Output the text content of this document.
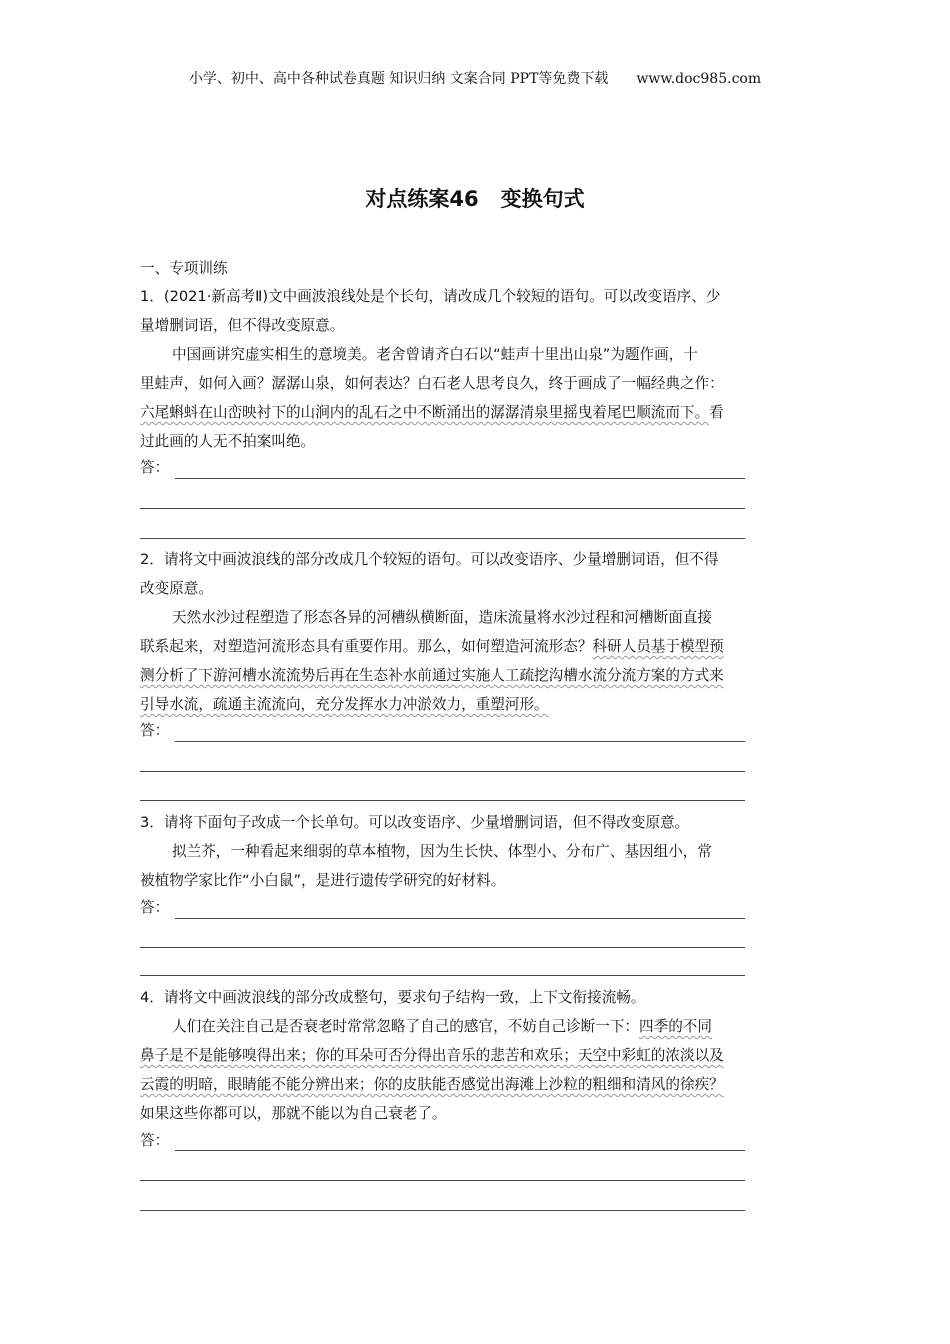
小学、初中、高中各种试卷真题 知识归纳 文案合同 PPT等免费下载 www.doc985.com
对点练案46 变换句式
一、专项训练
1．(2021·新高考Ⅱ)文中画波浪线处是个长句，请改成几个较短的语句。可以改变语序、少
量增删词语，但不得改变原意。
中国画讲究虚实相生的意境美。老舍曾请齐白石以“蛙声十里出山泉”为题作画，十
里蛙声，如何入画？潺潺山泉，如何表达？白石老人思考良久，终于画成了一幅经典之作：
六尾蝌蚪在山峦映衬下的山涧内的乱石之中不断涌出的潺潺清泉里摇曳着尾巴顺流而下。看
过此画的人无不拍案叫绝。
答：
2．请将文中画波浪线的部分改成几个较短的语句。可以改变语序、少量增删词语，但不得
改变原意。
天然水沙过程塑造了形态各异的河槽纵横断面，造床流量将水沙过程和河槽断面直接
联系起来，对塑造河流形态具有重要作用。那么，如何塑造河流形态？科研人员基于模型预
测分析了下游河槽水流流势后再在生态补水前通过实施人工疏挖沟槽水流分流方案的方式来
引导水流，疏通主流流向，充分发挥水力冲淤效力，重塑河形。
答：
3．请将下面句子改成一个长单句。可以改变语序、少量增删词语，但不得改变原意。
拟兰芥，一种看起来细弱的草本植物，因为生长快、体型小、分布广、基因组小，常
被植物学家比作“小白鼠”，是进行遗传学研究的好材料。
答：
4．请将文中画波浪线的部分改成整句，要求句子结构一致，上下文衔接流畅。
人们在关注自己是否衰老时常常忽略了自己的感官，不妨自己诊断一下：四季的不同
鼻子是不是能够嗅得出来；你的耳朵可否分得出音乐的悲苦和欢乐；天空中彩虹的浓淡以及
云霞的明暗，眼睛能不能分辨出来；你的皮肤能否感觉出海滩上沙粒的粗细和清风的徐疾？
如果这些你都可以，那就不能以为自己衰老了。
答：
